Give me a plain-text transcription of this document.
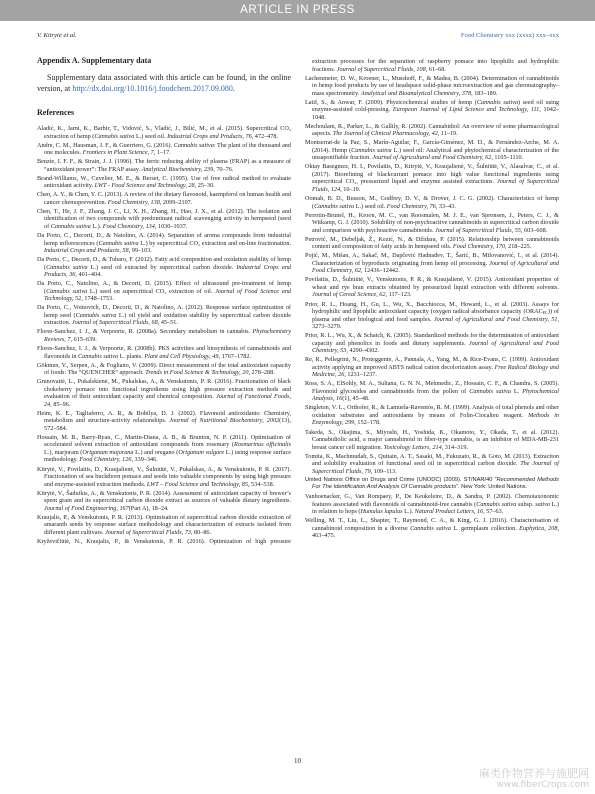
ARTICLE IN PRESS
V. Kitrytė et al.	Food Chemistry xxx (xxxx) xxx–xxx
Appendix A. Supplementary data

Supplementary data associated with this article can be found, in the online version, at http://dx.doi.org/10.1016/j.foodchem.2017.09.080.

References
Aladić, K., Jarni, K., Barbir, T., Vidović, S., Vladić, J., Bilić, M., et al. (2015). Supercritical CO₂ extraction of hemp (Cannabis sativa L.) seed oil. Industrial Crops and Products, 76, 472–478.
Andre, C. M., Hausman, J. F., & Guerriero, G. (2016). Cannabis sativa: The plant of the thousand and one molecules. Frontiers in Plant Science, 7, 1–17.
Benzie, I. F. F., & Strain, J. J. (1996). The ferric reducing ability of plasma (FRAP) as a measure of “antioxidant power”: The FRAP assay. Analytical Biochemistry, 239, 70–76.
Brand-Williams, W., Cuvelier, M. E., & Berset, C. (1995). Use of free radical method to evaluate antioxidant activity. LWT - Food Science and Technology, 28, 25–30.
Chen, A. Y., & Chen, Y. C. (2013). A review of the dietary flavonoid, kaempferol on human health and cancer chemoprevention. Food Chemistry, 138, 2099–2107.
Chen, T., He, J. F., Zhang, J. C., Li, X. H., Zhang, H., Hao, J. X., et al. (2012). The isolation and identification of two compounds with predominant radical scavenging activity in hempseed (seed of Cannabis sativa L.). Food Chemistry, 134, 1030–1037.
Da Porto, C., Decorti, D., & Natolino, A. (2014). Separation of aroma compounds from industrial hemp inflorescences (Cannabis sativa L.) by supercritical CO₂ extraction and on-line fractionation. Industrial Crops and Products, 58, 99–103.
Da Porto, C., Decorti, D., & Tubaro, F. (2012). Fatty acid composition and oxidation stability of hemp (Cannabis sativa L.) seed oil extracted by supercritical carbon dioxide. Industrial Crops and Products, 36, 401–404.
Da Porto, C., Natolino, A., & Decorti, D. (2015). Effect of ultrasound pre-treatment of hemp (Cannabis sativa L.) seed on supercritical CO₂ extraction of oil. Journal of Food Science and Technology, 52, 1748–1753.
Da Porto, C., Voinovich, D., Decorti, D., & Natolino, A. (2012). Response surface optimization of hemp seed (Cannabis sativa L.) oil yield and oxidation stability by supercritical carbon dioxide extraction. Journal of Supercritical Fluids, 68, 45–51.
Flores-Sanchez, I. J., & Verpoorte, R. (2008a). Secondary metabolism in cannabis. Phytochemistry Reviews, 7, 615–639.
Flores-Sanchez, I. J., & Verpoorte, R. (2008b). PKS activities and biosynthesis of cannabinoids and flavonoids in Cannabis sativa L. plants. Plant and Cell Physiology, 49, 1767–1782.
Gökmen, V., Serpen, A., & Fogliano, V. (2009). Direct measurement of the total antioxidant capacity of foods: The “QUENCHER” approach. Trends in Food Science & Technology, 20, 278–288.
Grunovaitė, L., Pukalskienė, M., Pukalskas, A., & Venskutonis, P. R. (2016). Fractionation of black chokeberry pomace into functional ingredients using high pressure extraction methods and evaluation of their antioxidant capacity and chemical composition. Journal of Functional Foods, 24, 85–96.
Heim, K. E., Tagliaferro, A. R., & Bobilya, D. J. (2002). Flavonoid antioxidants: Chemistry, metabolism and structure-activity relationships. Journal of Nutritional Biochemistry, 2002(13), 572–584.
Hossain, M. B., Barry-Ryan, C., Martin-Diana, A. B., & Brunton, N. P. (2011). Optimisation of accelerated solvent extraction of antioxidant compounds from rosemary (Rosmarinus officinalis L.), marjoram (Origanum majorana L.) and oregano (Origanum vulgare L.) using response surface methodology. Food Chemistry, 126, 339–346.
Kitrytė, V., Povilaitis, D., Kraujalienė, V., Šulniūtė, V., Pukalskas, A., & Venskutonis, P. R. (2017). Fractionation of sea buckthorn pomace and seeds into valuable components by using high pressure and enzyme-assisted extraction methods. LWT – Food Science and Technology, 85, 534–538.
Kitrytė, V., Šaduikis, A., & Venskutonis, P. R. (2014). Assessment of antioxidant capacity of brewer’s spent grain and its supercritical carbon dioxide extract as sources of valuable dietary ingredients. Journal of Food Engineering, 167(Part A), 18–24.
Kraujalis, P., & Venskutonis, P. R. (2013). Optimisation of supercritical carbon dioxide extraction of amaranth seeds by response surface methodology and characterization of extracts isolated from different plant cultivars. Journal of Supercritical Fluids, 73, 80–86.
Kryževičiūtė, N., Kraujalis, P., & Venskutonis, P. R. (2016). Optimization of high pressure
extraction processes for the separation of raspberry pomace into lipophilic and hydrophilic fractions. Journal of Supercritical Fluids, 108, 61–68.
Lachenmeier, D. W., Kroener, L., Musshoff, F., & Madea, B. (2004). Determination of cannabinoids in hemp food products by use of headspace solid-phase microextraction and gas chromatography–mass spectrometry. Analytical and Bioanalytical Chemistry, 378, 183–189.
Latif, S., & Anwar, F. (2009). Physicochemical studies of hemp (Cannabis sativa) seed oil using enzyme-assisted cold-pressing. European Journal of Lipid Science and Technology, 111, 1042–1048.
Mechoulam, R., Parker, L., & Gallily, R. (2002). Cannabidiol: An overview of some pharmacological aspects. The Journal of Clinical Pharmacology, 42, 11–19.
Montserrat-de la Paz, S., Marín-Aguilar, F., García-Giménez, M. D., & Fernández-Arche, M. A. (2014). Hemp (Cannabis sativa L.) seed oil: Analytical and phytochemical characterization of the unsaponifiable fraction. Journal of Agricultural and Food Chemistry, 62, 1105–1110.
Oktay Basegmez, H. I., Povilaitis, D., Kitrytė, V., Kraujalienė, V., Šulniūtė, V., Alasalvar, C., et al. (2017). Biorefining of blackcurrant pomace into high value functional ingredients using supercritical CO₂, pressurized liquid and enzyme assisted extractions. Journal of Supercritical Fluids, 124, 10–19.
Oomah, B. D., Busson, M., Godfrey, D. V., & Drover, J. C. G. (2002). Characteristics of hemp (Cannabis sativa L.) seed oil. Food Chemistry, 76, 33–43.
Perrotin-Brunel, H., Kroon, M. C., van Roosmalen, M. J. E., van Spronsen, J., Peters, C. J., & Witkamp, G. J. (2010). Solubility of non-psychoactive cannabinoids in supercritical carbon dioxide and comparison with psychoactive cannabinoids. Journal of Supercritical Fluids, 55, 603–608.
Petrović, M., Debeljak, Ž., Kezić, N., & Džidara, P. (2015). Relationship between cannabinoids content and composition of fatty acids in hempseed oils. Food Chemistry, 170, 218–225.
Pojić, M., Mišan, A., Sakač, M., Dapčević Hadnađev, T., Šarić, B., Milovanović, I., et al. (2014). Characterization of byproducts originating from hemp oil processing. Journal of Agricultural and Food Chemistry, 62, 12436–12442.
Povilaitis, D., Šulniūtė, V., Venskutonis, P. R., & Kraujalienė, V. (2015). Antioxidant properties of wheat and rye bran extracts obtained by pressurized liquid extraction with different solvents. Journal of Cereal Science, 62, 117–123.
Prior, R. L., Hoang, H., Gu, L., Wu, X., Bacchiocca, M., Howard, L., et al. (2003). Assays for hydrophilic and lipophilic antioxidant capacity (oxygen radical absorbance capacity $(ORAC_{FL})$) of plasma and other biological and food samples. Journal of Agricultural and Food Chemistry, 51, 3273–3279.
Prior, R. L., Wu, X., & Schaich, K. (2005). Standardized methods for the determination of antioxidant capacity and phenolics in foods and dietary supplements. Journal of Agricultural and Food Chemistry, 53, 4290–4302.
Re, R., Pellegrini, N., Proteggente, A., Pannala, A., Yang, M., & Rice-Evans, C. (1999). Antioxidant activity applying an improved ABTS radical cation decolorization assay. Free Radical Biology and Medicine, 26, 1231–1237.
Ross, S. A., ElSohly, M. A., Sultana, G. N. N., Mehmedic, Z., Hossain, C. F., & Chandra, S. (2005). Flavonoid glycosides and cannabinoids from the pollen of Cannabis sativa L. Phytochemical Analysis, 16(1), 45–48.
Singleton, V. L., Orthofer, R., & Lamuela-Raventós, R. M. (1999). Analysis of total phenols and other oxidation substrates and antioxidants by means of Folin-Ciocalteu reagent. Methods in Enzymology, 299, 152–178.
Takeda, S., Okajima, S., Miyoshi, H., Yoshida, K., Okamoto, Y., Okada, T., et al. (2012). Cannabidiolic acid, a major cannabinoid in fiber-type cannabis, is an inhibitor of MDA-MB-231 breast cancer cell migration. Toxicology Letters, 214, 314–319.
Tomita, K., Machmudah, S., Quitain, A. T., Sasaki, M., Fukuzato, R., & Goto, M. (2013). Extraction and solubility evaluation of functional seed oil in supercritical carbon dioxide. The Journal of Supercritical Fluids, 79, 109–113.
United Nations Office on Drugs and Crime (UNODC) (2009). ST/NAR/40 “Recommended Methods For The Identification And Analysis Of Cannabis products”. New York: United Nations.
Vanhoenacker, G., Van Rompaey, P., De Keukeleire, D., & Sandra, P. (2002). Chemotaxonomic features associated with flavonoids of cannabinoid-free cannabis (Cannabis sativa subsp. sativa L.) in relation to hops (Humulus lupulus L.). Natural Product Letters, 16, 57–63.
Welling, M. T., Liu, L., Shapter, T., Raymond, C. A., & King, G. J. (2016). Characterisation of cannabinoid composition in a diverse Cannabis sativa L. germplasm collection. Euphytica, 208, 463–475.
10
麻类作物营养与施肥网
www.fiberCrops.com
